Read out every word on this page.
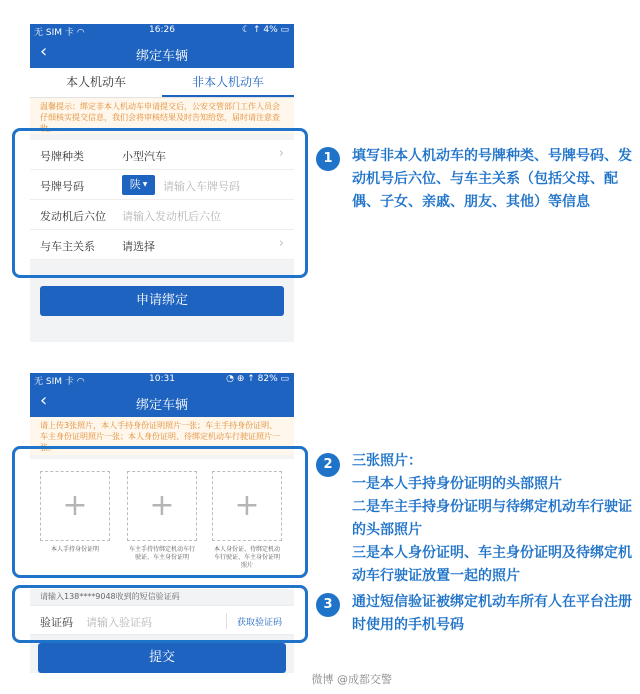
无 SIM 卡 ◠	16:26	☾ ↑ 4% ▭
‹	绑定车辆
本人机动车	非本人机动车
温馨提示：绑定非本人机动车申请提交后，公安交管部门工作人员会仔细核实提交信息，我们会将审核结果及时告知给您，届时请注意查收。
号牌种类	小型汽车	›
号牌号码	陕 ▼	请输入车牌号码
发动机后六位 请输入发动机后六位
与车主关系 请选择	›
申请绑定
无 SIM 卡 ◠	10:31	◔ ⊕ ↑ 82% ▭
‹	绑定车辆
请上传3张照片，本人手持身份证明照片一张；车主手持身份证明、车主身份证明照片一张；本人身份证明、待绑定机动车行驶证照片一张。
+
本人手持身份证明
+
车主手持待绑定机动车行驶证、车主身份证明
+
本人身份证、待绑定机动车行驶证、车主身份证明照片
请输入138****9048收到的短信验证码
验证码 请输入验证码	获取验证码
提交
1	填写非本人机动车的号牌种类、号牌号码、发动机号后六位、与车主关系（包括父母、配偶、子女、亲戚、朋友、其他）等信息
2	三张照片：
一是本人手持身份证明的头部照片
二是车主手持身份证明与待绑定机动车行驶证的头部照片
三是本人身份证明、车主身份证明及待绑定机动车行驶证放置一起的照片
3	通过短信验证被绑定机动车所有人在平台注册时使用的手机号码
微博 @成都交警
